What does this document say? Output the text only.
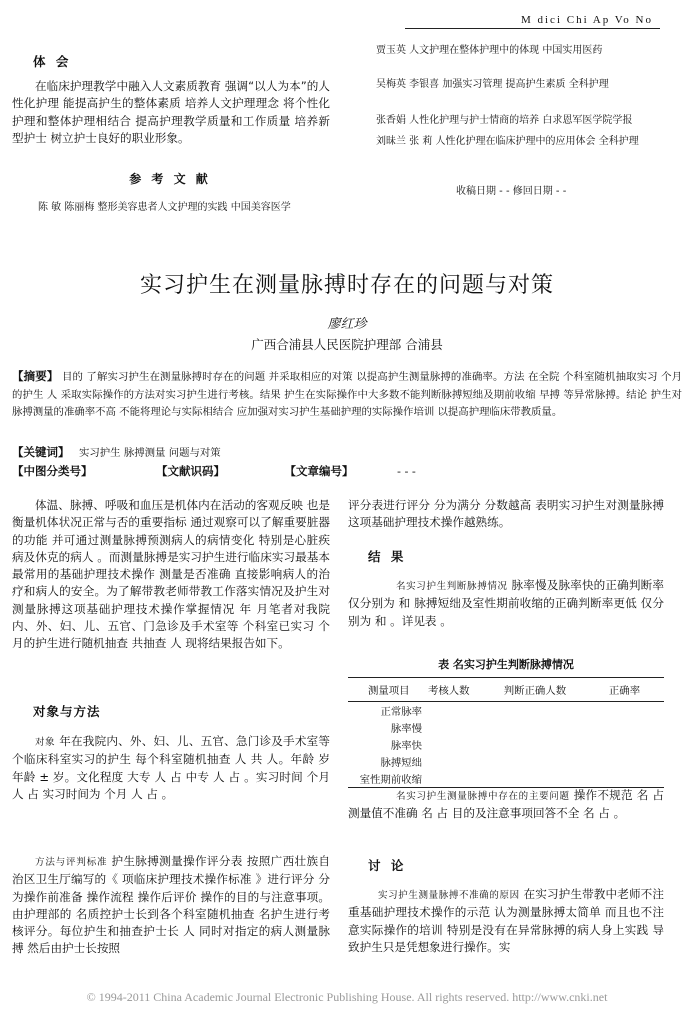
M dici Chi Ap Vo No
体 会

在临床护理教学中融入人文素质教育 强调“以人为本”的人性化护理 能提高护生的整体素质 培养人文护理理念 将个性化护理和整体护理相结合 提高护理教学质量和工作质量 培养新型护士 树立护士良好的职业形象。

参 考 文 献

陈 敏 陈丽梅 整形美容患者人文护理的实践 中国美容医学

贾玉英 人文护理在整体护理中的体现 中国实用医药

吴梅英 李银喜 加强实习管理 提高护生素质 全科护理

张香娟 人性化护理与护士情商的培养 白求恩军医学院学报

刘昧兰 张 莉 人性化护理在临床护理中的应用体会 全科护理

收稿日期 - - 修回日期 - -
实习护生在测量脉搏时存在的问题与对策
廖红珍
广西合浦县人民医院护理部 合浦县
【摘要】 目的 了解实习护生在测量脉搏时存在的问题 并采取相应的对策 以提高护生测量脉搏的准确率。方法 在全院 个科室随机抽取实习 个月的护生 人 采取实际操作的方法对实习护生进行考核。结果 护生在实际操作中大多数不能判断脉搏短绌及期前收缩 早搏 等异常脉搏。结论 护生对脉搏测量的准确率不高 不能将理论与实际相结合 应加强对实习护生基础护理的实际操作培训 以提高护理临床带教质量。
【关键词】 实习护生 脉搏测量 问题与对策
【中图分类号】	【文献识码】	【文章编号】	- - -

体温、脉搏、呼吸和血压是机体内在活动的客观反映 也是衡量机体状况正常与否的重要指标 通过观察可以了解重要脏器的功能 并可通过测量脉搏预测病人的病情变化 特别是心脏疾病及休克的病人 。而测量脉搏是实习护生进行临床实习最基本最常用的基础护理技术操作 测量是否准确 直接影响病人的治疗和病人的安全。为了解带教老师带教工作落实情况及护生对测量脉搏这项基础护理技术操作掌握情况 年 月笔者对我院内、外、妇、儿、五官、门急诊及手术室等 个科室已实习 个月的护生进行随机抽查 共抽查 人 现将结果报告如下。

对象与方法

对象 年在我院内、外、妇、儿、五官、急门诊及手术室等 个临床科室实习的护生 每个科室随机抽查 人 共 人。年龄 岁 年龄 ± 岁。文化程度 大专 人 占 中专 人 占 。实习时间 个月 人 占 实习时间为 个月 人 占 。

方法与评判标准 护生脉搏测量操作评分表 按照广西壮族自治区卫生厅编写的《 项临床护理技术操作标准 》进行评分 分为操作前准备 操作流程 操作后评价 操作的目的与注意事项。由护理部的 名质控护士长到各个科室随机抽查 名护生进行考核评分。每位护生和抽查护士长 人 同时对指定的病人测量脉搏 然后由护士长按照

评分表进行评分 分为满分 分数越高 表明实习护生对测量脉搏这项基础护理技术操作越熟练。

结 果

名实习护生判断脉搏情况 脉率慢及脉率快的正确判断率仅分别为 和 脉搏短绌及室性期前收缩的正确判断率更低 仅分别为 和 。详见表 。

表 名实习护生判断脉搏情况
测量项目	考核人数	判断正确人数	正确率
正常脉率			
脉率慢			
脉率快			
脉搏短绌			
室性期前收缩			

名实习护生测量脉搏中存在的主要问题 操作不规范 名 占 测量值不准确 名 占 目的及注意事项回答不全 名 占 。

讨 论

实习护生测量脉搏不准确的原因 在实习护生带教中老师不注重基础护理技术操作的示范 认为测量脉搏太简单 而且也不注意实际操作的培训 特别是没有在异常脉搏的病人身上实践 导致护生只是凭想象进行操作。实

© 1994-2011 China Academic Journal Electronic Publishing House. All rights reserved. http://www.cnki.net
